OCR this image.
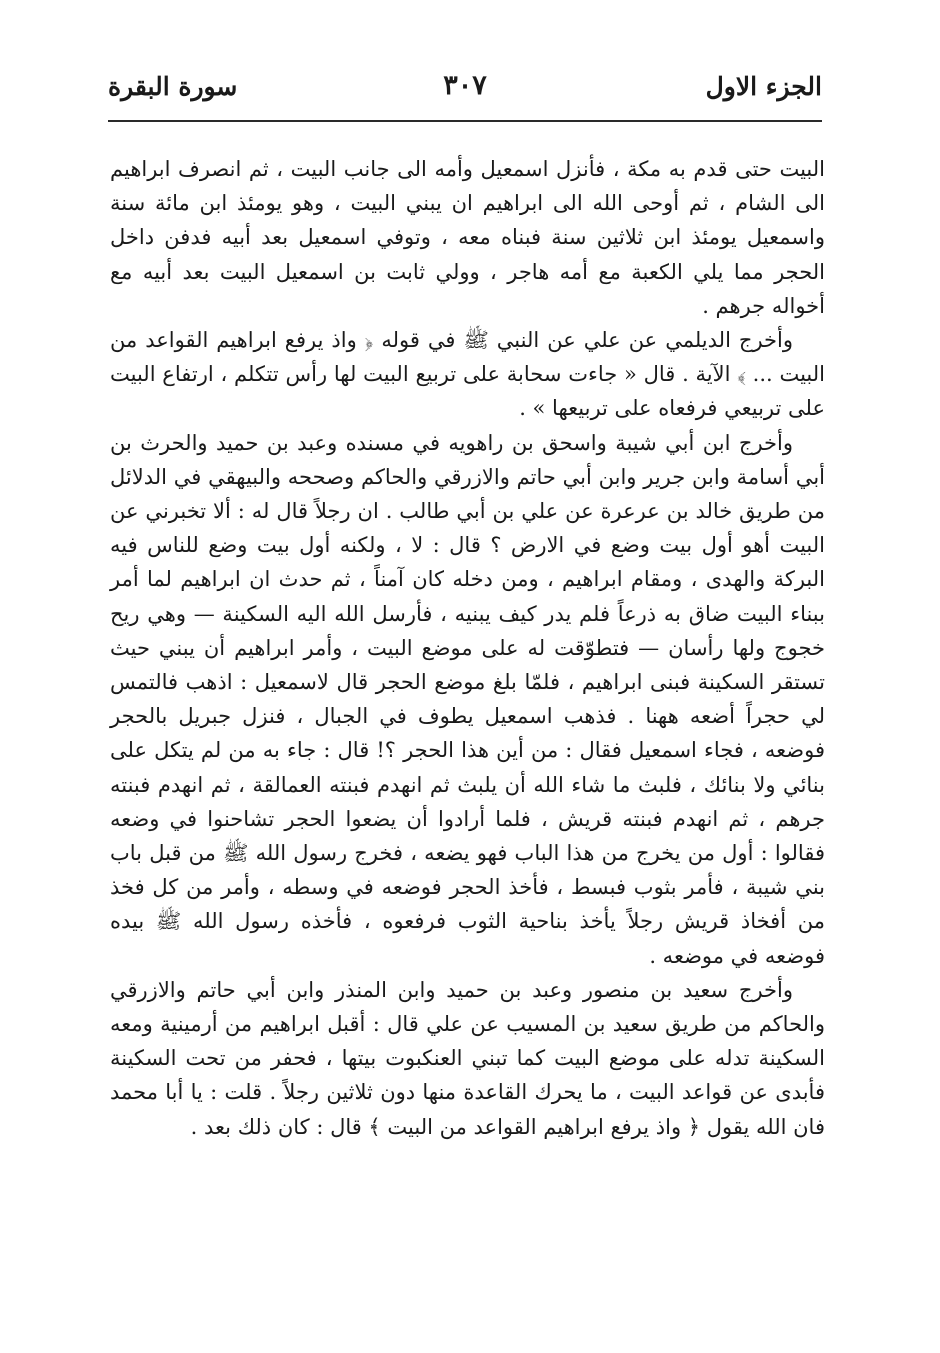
الجزء الاول
٣٠٧
سورة البقرة

البيت حتى قدم به مكة ، فأنزل اسمعيل وأمه الى جانب البيت ، ثم انصرف ابراهيم الى الشام ، ثم أوحى الله الى ابراهيم ان يبني البيت ، وهو يومئذ ابن مائة سنة واسمعيل يومئذ ابن ثلاثين سنة فبناه معه ، وتوفي اسمعيل بعد أبيه فدفن داخل الحجر مما يلي الكعبة مع أمه هاجر ، وولي ثابت بن اسمعيل البيت بعد أبيه مع أخواله جرهم .

وأخرج الديلمي عن علي عن النبي ﷺ في قوله ﴿ واذ يرفع ابراهيم القواعد من البيت ... ﴾ الآية . قال « جاءت سحابة على تربيع البيت لها رأس تتكلم ، ارتفاع البيت على تربيعي فرفعاه على تربيعها » .

وأخرج ابن أبي شيبة واسحق بن راهويه في مسنده وعبد بن حميد والحرث بن أبي أسامة وابن جرير وابن أبي حاتم والازرقي والحاكم وصححه والبيهقي في الدلائل من طريق خالد بن عرعرة عن علي بن أبي طالب . ان رجلاً قال له : ألا تخبرني عن البيت أهو أول بيت وضع في الارض ؟ قال : لا ، ولكنه أول بيت وضع للناس فيه البركة والهدى ، ومقام ابراهيم ، ومن دخله كان آمناً ، ثم حدث ان ابراهيم لما أمر ببناء البيت ضاق به ذرعاً فلم يدر كيف يبنيه ، فأرسل الله اليه السكينة — وهي ريح خجوج ولها رأسان — فتطوّقت له على موضع البيت ، وأمر ابراهيم أن يبني حيث تستقر السكينة فبنى ابراهيم ، فلمّا بلغ موضع الحجر قال لاسمعيل : اذهب فالتمس لي حجراً أضعه ههنا . فذهب اسمعيل يطوف في الجبال ، فنزل جبريل بالحجر فوضعه ، فجاء اسمعيل فقال : من أين هذا الحجر ؟! قال : جاء به من لم يتكل على بنائي ولا بنائك ، فلبث ما شاء الله أن يلبث ثم انهدم فبنته العمالقة ، ثم انهدم فبنته جرهم ، ثم انهدم فبنته قريش ، فلما أرادوا أن يضعوا الحجر تشاحنوا في وضعه فقالوا : أول من يخرج من هذا الباب فهو يضعه ، فخرج رسول الله ﷺ من قبل باب بني شيبة ، فأمر بثوب فبسط ، فأخذ الحجر فوضعه في وسطه ، وأمر من كل فخذ من أفخاذ قريش رجلاً يأخذ بناحية الثوب فرفعوه ، فأخذه رسول الله ﷺ بيده فوضعه في موضعه .

وأخرج سعيد بن منصور وعبد بن حميد وابن المنذر وابن أبي حاتم والازرقي والحاكم من طريق سعيد بن المسيب عن علي قال : أقبل ابراهيم من أرمينية ومعه السكينة تدله على موضع البيت كما تبني العنكبوت بيتها ، فحفر من تحت السكينة فأبدى عن قواعد البيت ، ما يحرك القاعدة منها دون ثلاثين رجلاً . قلت : يا أبا محمد فان الله يقول ﴿ واذ يرفع ابراهيم القواعد من البيت ﴾ قال : كان ذلك بعد .
